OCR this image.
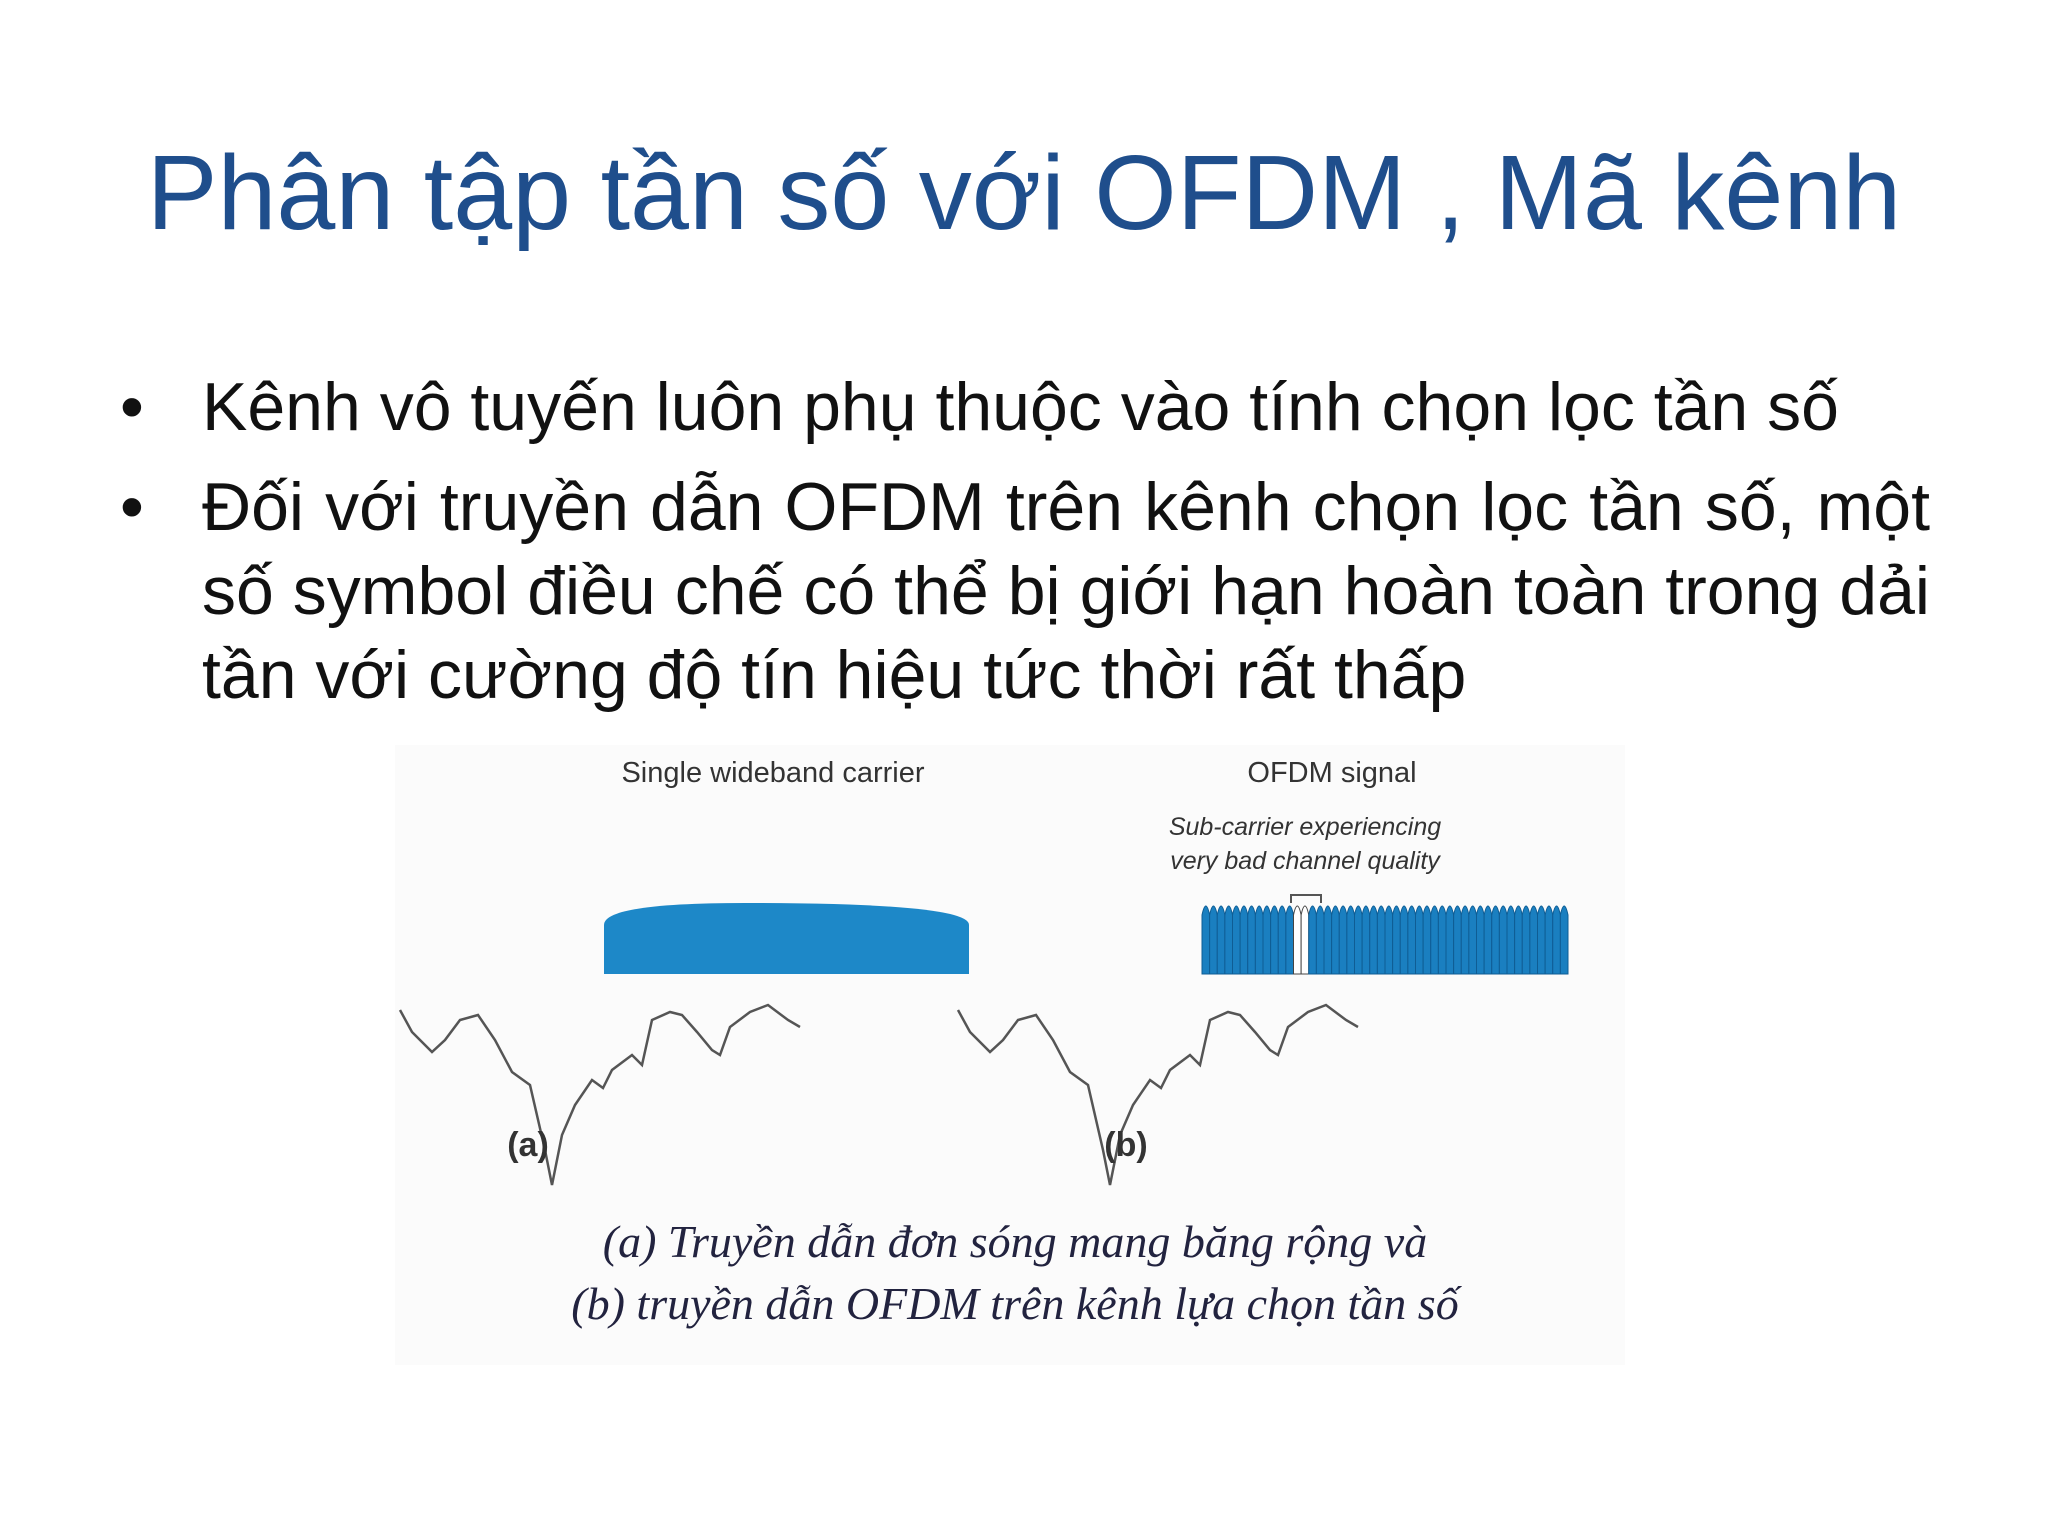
Phân tập tần số với OFDM , Mã kênh
• Kênh vô tuyến luôn phụ thuộc vào tính chọn lọc tần số
• Đối với truyền dẫn OFDM trên kênh chọn lọc tần số, một số symbol điều chế có thể bị giới hạn hoàn toàn trong dải tần với cường độ tín hiệu tức thời rất thấp
Single wideband carrier	OFDM signal
Sub-carrier experiencing
very bad channel quality
(a)	(b)
(a) Truyền dẫn đơn sóng mang băng rộng và
(b) truyền dẫn OFDM trên kênh lựa chọn tần số
